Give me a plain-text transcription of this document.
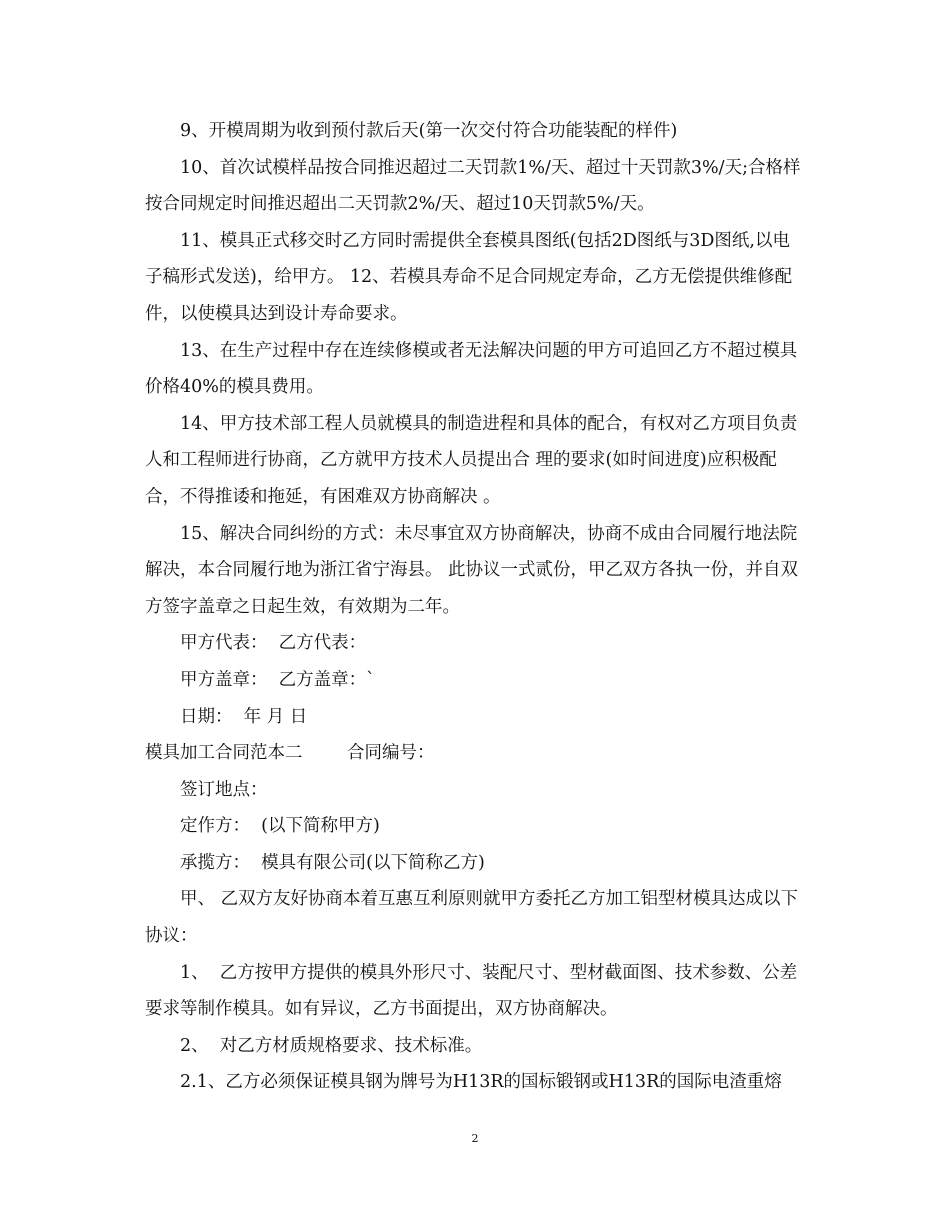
9、开模周期为收到预付款后天(第一次交付符合功能装配的样件)

10、首次试模样品按合同推迟超过二天罚款1%/天、超过十天罚款3%/天;合格样按合同规定时间推迟超出二天罚款2%/天、超过10天罚款5%/天。

11、模具正式移交时乙方同时需提供全套模具图纸(包括2D图纸与3D图纸,以电子稿形式发送)，给甲方。 12、若模具寿命不足合同规定寿命，乙方无偿提供维修配件，以使模具达到设计寿命要求。

13、在生产过程中存在连续修模或者无法解决问题的甲方可追回乙方不超过模具价格40%的模具费用。

14、甲方技术部工程人员就模具的制造进程和具体的配合，有权对乙方项目负责人和工程师进行协商，乙方就甲方技术人员提出合 理的要求(如时间进度)应积极配合，不得推诿和拖延，有困难双方协商解决 。

15、解决合同纠纷的方式：未尽事宜双方协商解决，协商不成由合同履行地法院解决，本合同履行地为浙江省宁海县。 此协议一式贰份，甲乙双方各执一份，并自双方签字盖章之日起生效，有效期为二年。

甲方代表：  乙方代表：

甲方盖章：  乙方盖章：`

日期：  年 月 日

模具加工合同范本二        合同编号：

签订地点：

定作方：  (以下简称甲方)

承揽方：  模具有限公司(以下简称乙方)

甲、 乙双方友好协商本着互惠互利原则就甲方委托乙方加工铝型材模具达成以下协议：

1、  乙方按甲方提供的模具外形尺寸、装配尺寸、型材截面图、技术参数、公差要求等制作模具。如有异议，乙方书面提出，双方协商解决。

2、  对乙方材质规格要求、技术标准。

2.1、乙方必须保证模具钢为牌号为H13R的国标锻钢或H13R的国际电渣重熔

2
